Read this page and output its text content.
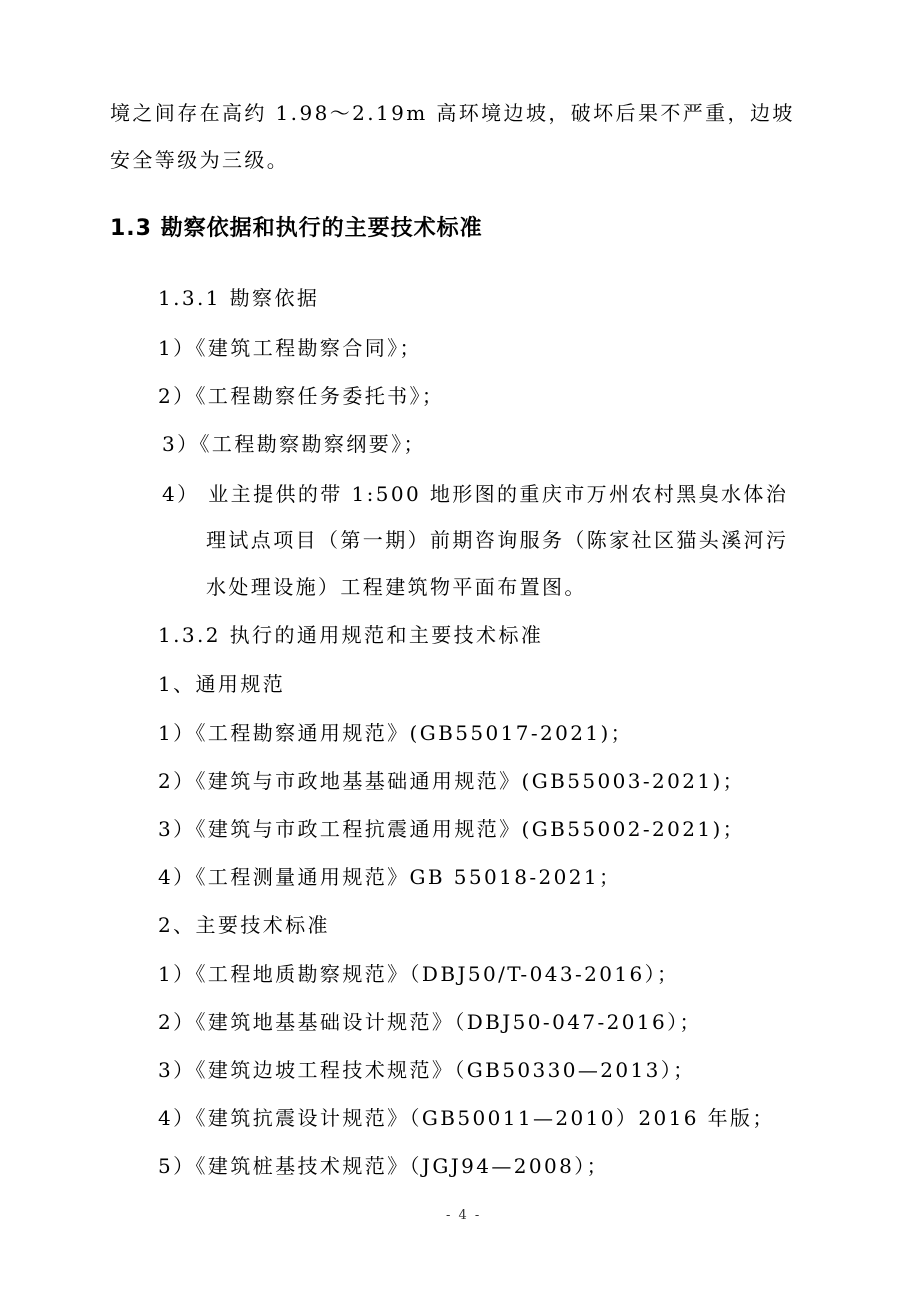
境之间存在高约 1.98～2.19m 高环境边坡，破坏后果不严重，边坡
安全等级为三级。
1.3 勘察依据和执行的主要技术标准
1.3.1 勘察依据
1）《建筑工程勘察合同》；
2）《工程勘察任务委托书》；
3）《工程勘察勘察纲要》；
4） 业主提供的带 1:500 地形图的重庆市万州农村黑臭水体治
理试点项目（第一期）前期咨询服务（陈家社区猫头溪河污
水处理设施）工程建筑物平面布置图。
1.3.2 执行的通用规范和主要技术标准
1、通用规范
1）《工程勘察通用规范》(GB55017-2021)；
2）《建筑与市政地基基础通用规范》(GB55003-2021)；
3）《建筑与市政工程抗震通用规范》(GB55002-2021)；
4）《工程测量通用规范》GB 55018-2021；
2、主要技术标准
1）《工程地质勘察规范》（DBJ50/T-043-2016）；
2）《建筑地基基础设计规范》（DBJ50-047-2016）；
3）《建筑边坡工程技术规范》（GB50330—2013）；
4）《建筑抗震设计规范》（GB50011—2010）2016 年版；
5）《建筑桩基技术规范》（JGJ94—2008）；
- 4 -
